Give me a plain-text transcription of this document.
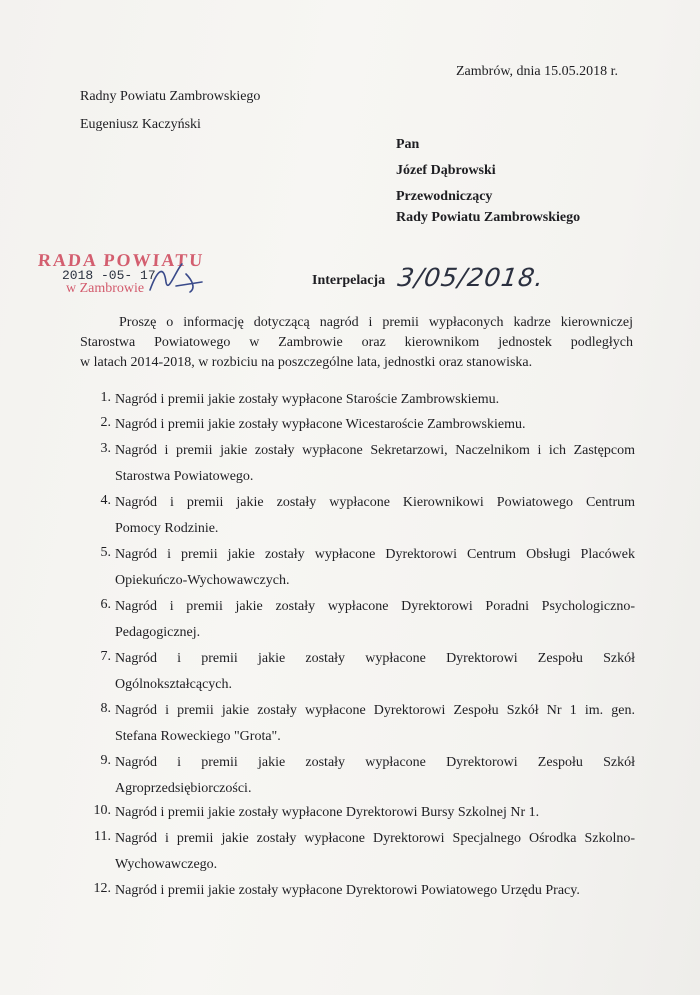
Zambrów, dnia 15.05.2018 r.
Radny Powiatu Zambrowskiego
Eugeniusz Kaczyński
Pan
Józef Dąbrowski
Przewodniczący
Rady Powiatu Zambrowskiego
RADA POWIATU
2018 -05- 17
w Zambrowie
Interpelacja 3/05/2018.
Proszę o informację dotyczącą nagród i premii wypłaconych kadrze kierowniczej
Starostwa Powiatowego w Zambrowie oraz kierownikom jednostek podległych
w latach 2014-2018, w rozbiciu na poszczególne lata, jednostki oraz stanowiska.
1. Nagród i premii jakie zostały wypłacone Staroście Zambrowskiemu.
2. Nagród i premii jakie zostały wypłacone Wicestaroście Zambrowskiemu.
3. Nagród i premii jakie zostały wypłacone Sekretarzowi, Naczelnikom i ich Zastępcom
Starostwa Powiatowego.
4. Nagród i premii jakie zostały wypłacone Kierownikowi Powiatowego Centrum
Pomocy Rodzinie.
5. Nagród i premii jakie zostały wypłacone Dyrektorowi Centrum Obsługi Placówek
Opiekuńczo-Wychowawczych.
6. Nagród i premii jakie zostały wypłacone Dyrektorowi Poradni Psychologiczno-
Pedagogicznej.
7. Nagród i premii jakie zostały wypłacone Dyrektorowi Zespołu Szkół
Ogólnokształcących.
8. Nagród i premii jakie zostały wypłacone Dyrektorowi Zespołu Szkół Nr 1 im. gen.
Stefana Roweckiego "Grota".
9. Nagród i premii jakie zostały wypłacone Dyrektorowi Zespołu Szkół
Agroprzedsiębiorczości.
10. Nagród i premii jakie zostały wypłacone Dyrektorowi Bursy Szkolnej Nr 1.
11. Nagród i premii jakie zostały wypłacone Dyrektorowi Specjalnego Ośrodka Szkolno-
Wychowawczego.
12. Nagród i premii jakie zostały wypłacone Dyrektorowi Powiatowego Urzędu Pracy.
